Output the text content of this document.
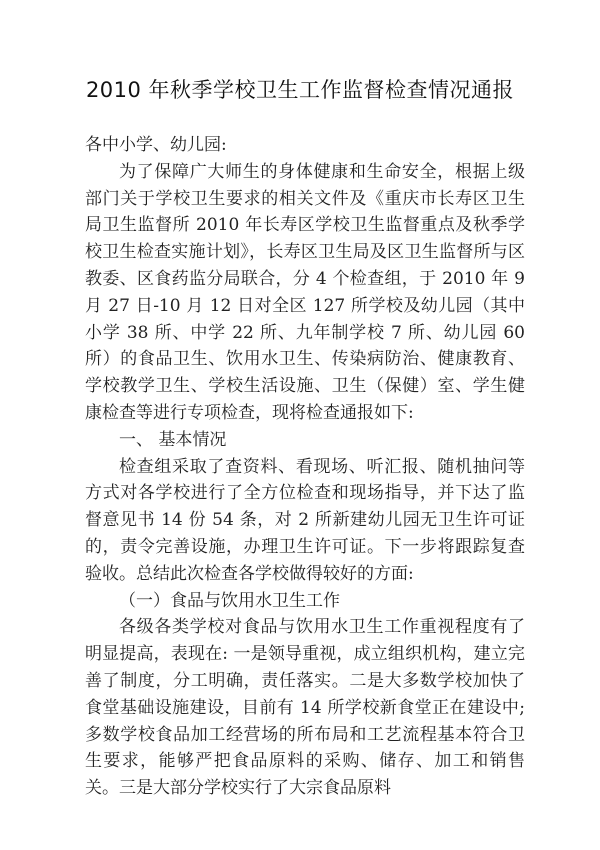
2010 年秋季学校卫生工作监督检查情况通报

各中小学、幼儿园:

为了保障广大师生的身体健康和生命安全，根据上级部门关于学校卫生要求的相关文件及《重庆市长寿区卫生局卫生监督所 2010 年长寿区学校卫生监督重点及秋季学校卫生检查实施计划》，长寿区卫生局及区卫生监督所与区教委、区食药监分局联合，分 4 个检查组，于 2010 年 9 月 27 日-10 月 12 日对全区 127 所学校及幼儿园（其中小学 38 所、中学 22 所、九年制学校 7 所、幼儿园 60 所）的食品卫生、饮用水卫生、传染病防治、健康教育、学校教学卫生、学校生活设施、卫生（保健）室、学生健康检查等进行专项检查，现将检查通报如下:

一、 基本情况

检查组采取了查资料、看现场、听汇报、随机抽问等方式对各学校进行了全方位检查和现场指导，并下达了监督意见书 14 份 54 条，对 2 所新建幼儿园无卫生许可证的，责令完善设施，办理卫生许可证。下一步将跟踪复查验收。总结此次检查各学校做得较好的方面:

（一）食品与饮用水卫生工作

各级各类学校对食品与饮用水卫生工作重视程度有了明显提高，表现在: 一是领导重视，成立组织机构，建立完善了制度，分工明确，责任落实。二是大多数学校加快了食堂基础设施建设，目前有 14 所学校新食堂正在建设中; 多数学校食品加工经营场的所布局和工艺流程基本符合卫生要求，能够严把食品原料的采购、储存、加工和销售关。三是大部分学校实行了大宗食品原料
